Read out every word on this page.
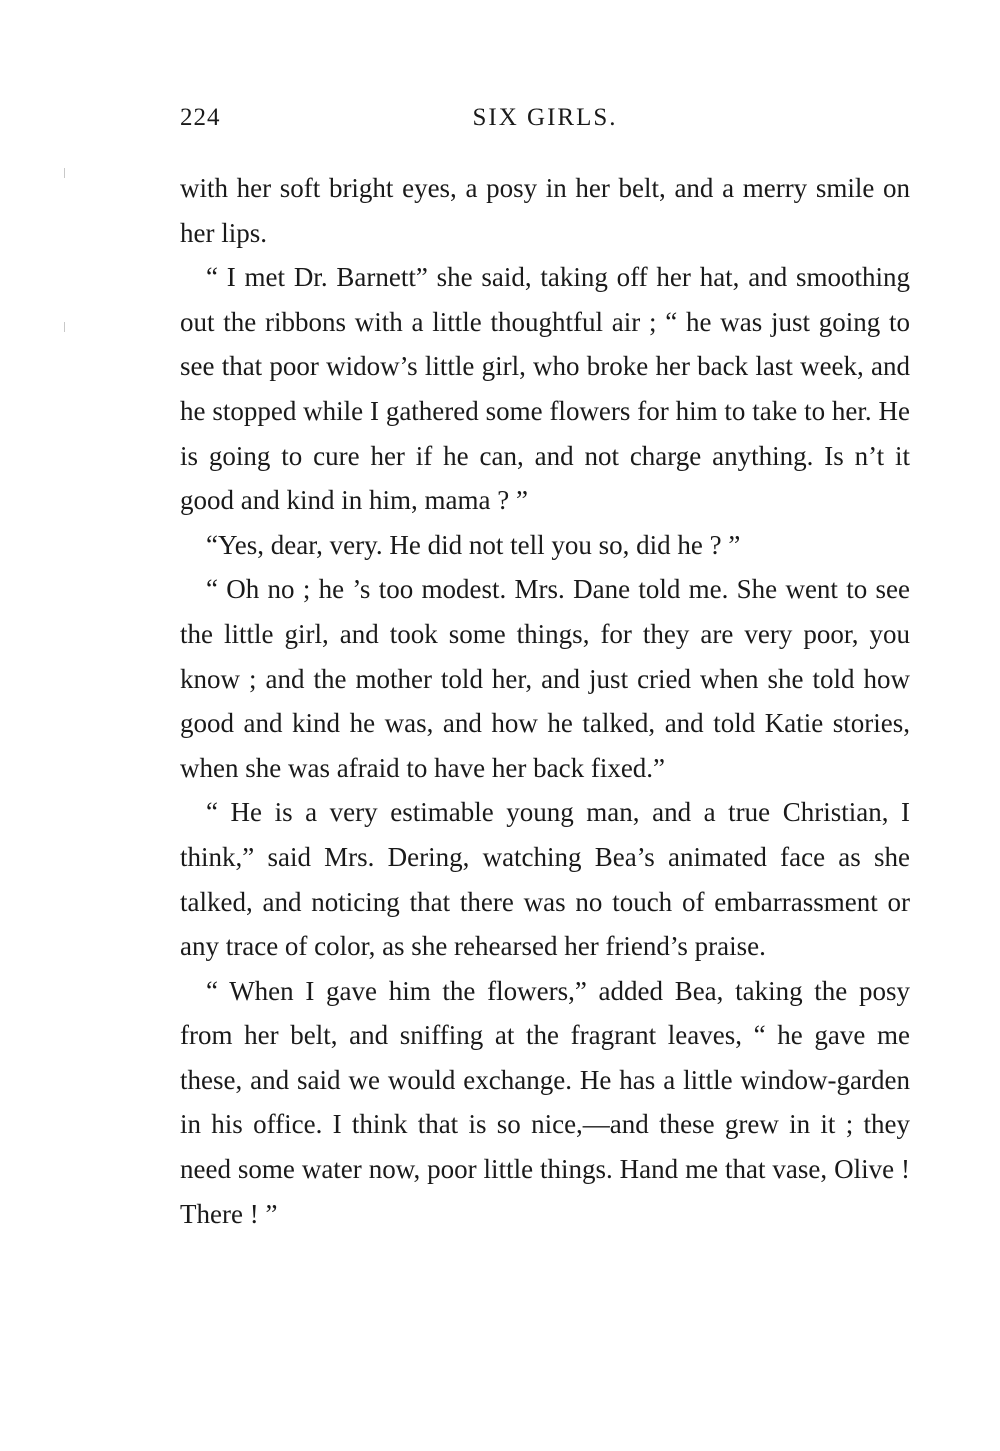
224	SIX GIRLS.

with her soft bright eyes, a posy in her belt, and a merry smile on her lips.

“ I met Dr. Barnett” she said, taking off her hat, and smoothing out the ribbons with a little thoughtful air ; “ he was just going to see that poor widow’s little girl, who broke her back last week, and he stopped while I gathered some flowers for him to take to her. He is going to cure her if he can, and not charge anything. Is n’t it good and kind in him, mama ? ”

“Yes, dear, very. He did not tell you so, did he ? ”

“ Oh no ; he ’s too modest. Mrs. Dane told me. She went to see the little girl, and took some things, for they are very poor, you know ; and the mother told her, and just cried when she told how good and kind he was, and how he talked, and told Katie stories, when she was afraid to have her back fixed.”

“ He is a very estimable young man, and a true Christian, I think,” said Mrs. Dering, watching Bea’s animated face as she talked, and noticing that there was no touch of embarrassment or any trace of color, as she rehearsed her friend’s praise.

“ When I gave him the flowers,” added Bea, taking the posy from her belt, and sniffing at the fragrant leaves, “ he gave me these, and said we would exchange. He has a little window-garden in his office. I think that is so nice,—and these grew in it ; they need some water now, poor little things. Hand me that vase, Olive ! There ! ”
